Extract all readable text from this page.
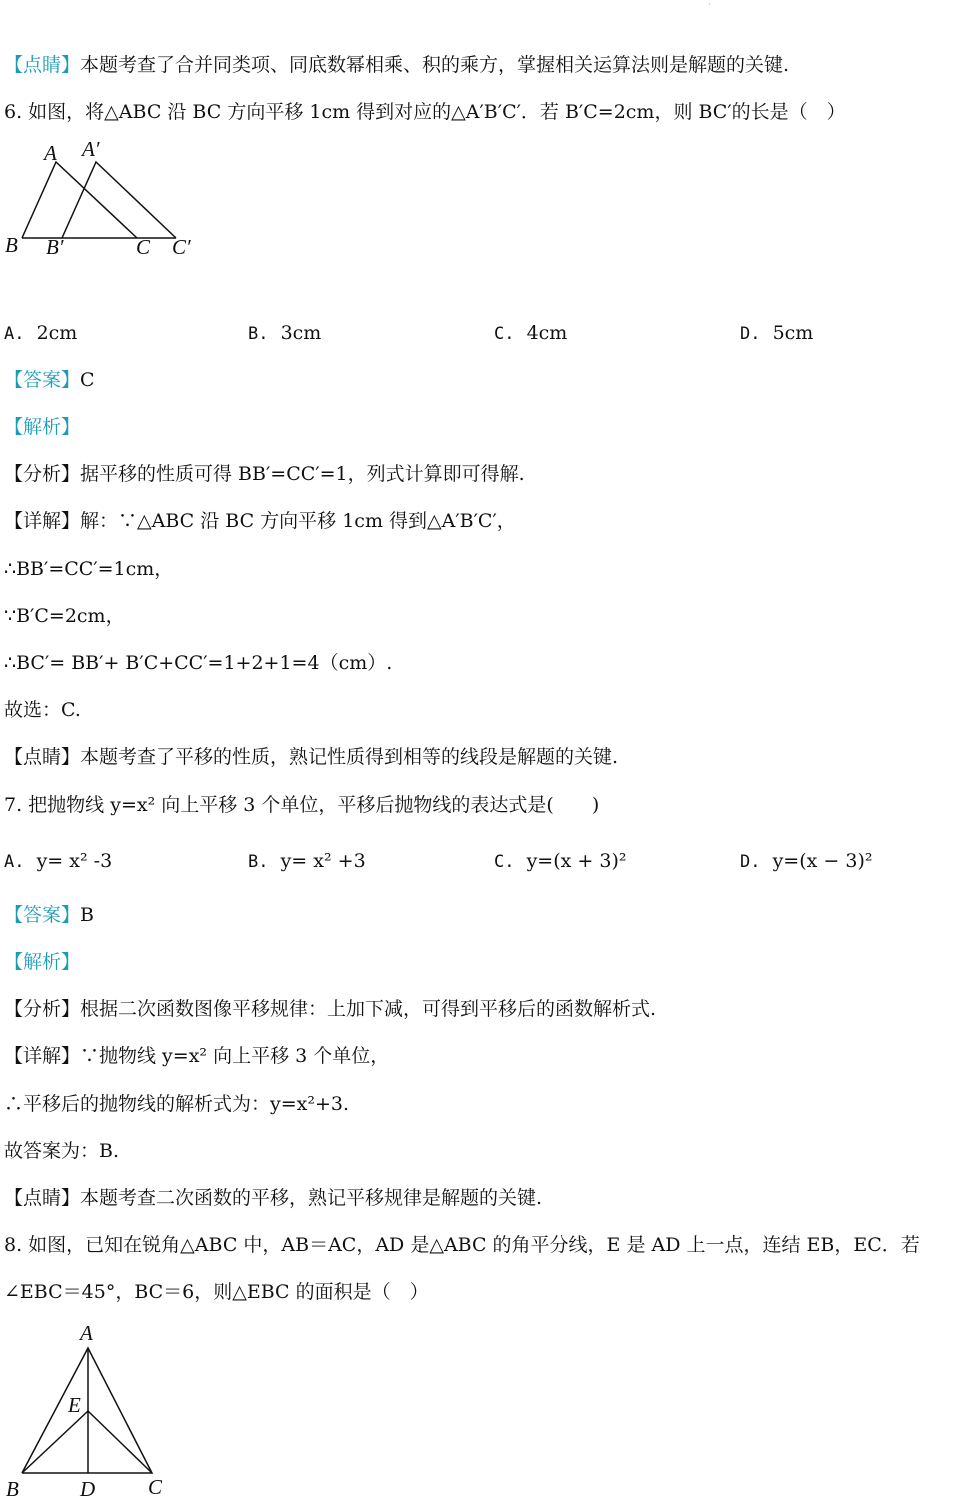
·
【点睛】本题考查了合并同类项、同底数幂相乘、积的乘方，掌握相关运算法则是解题的关键.
6. 如图，将△ABC 沿 BC 方向平移 1cm 得到对应的△A′B′C′．若 B′C=2cm，则 BC′的长是（　）
A A′
B B′	C C′
A. 2cm	B. 3cm	C. 4cm	D. 5cm
【答案】C
【解析】
【分析】据平移的性质可得 BB′=CC′=1，列式计算即可得解.
【详解】解：∵△ABC 沿 BC 方向平移 1cm 得到△A′B′C′，
∴BB′=CC′=1cm，
∵B′C=2cm，
∴BC′= BB′+ B′C+CC′=1+2+1=4（cm）.
故选：C.
【点睛】本题考查了平移的性质，熟记性质得到相等的线段是解题的关键.
7. 把抛物线 y=x² 向上平移 3 个单位，平移后抛物线的表达式是(　　)
A. y= x² -3	B. y= x² +3	C. y=(x + 3)²	D. y=(x − 3)²
【答案】B
【解析】
【分析】根据二次函数图像平移规律：上加下减，可得到平移后的函数解析式.
【详解】∵抛物线 y=x² 向上平移 3 个单位，
∴平移后的抛物线的解析式为：y=x²+3.
故答案为：B.
【点睛】本题考查二次函数的平移，熟记平移规律是解题的关键.
8. 如图，已知在锐角△ABC 中，AB＝AC，AD 是△ABC 的角平分线，E 是 AD 上一点，连结 EB，EC．若
∠EBC＝45°，BC＝6，则△EBC 的面积是（　）
A
E
B	D	C
